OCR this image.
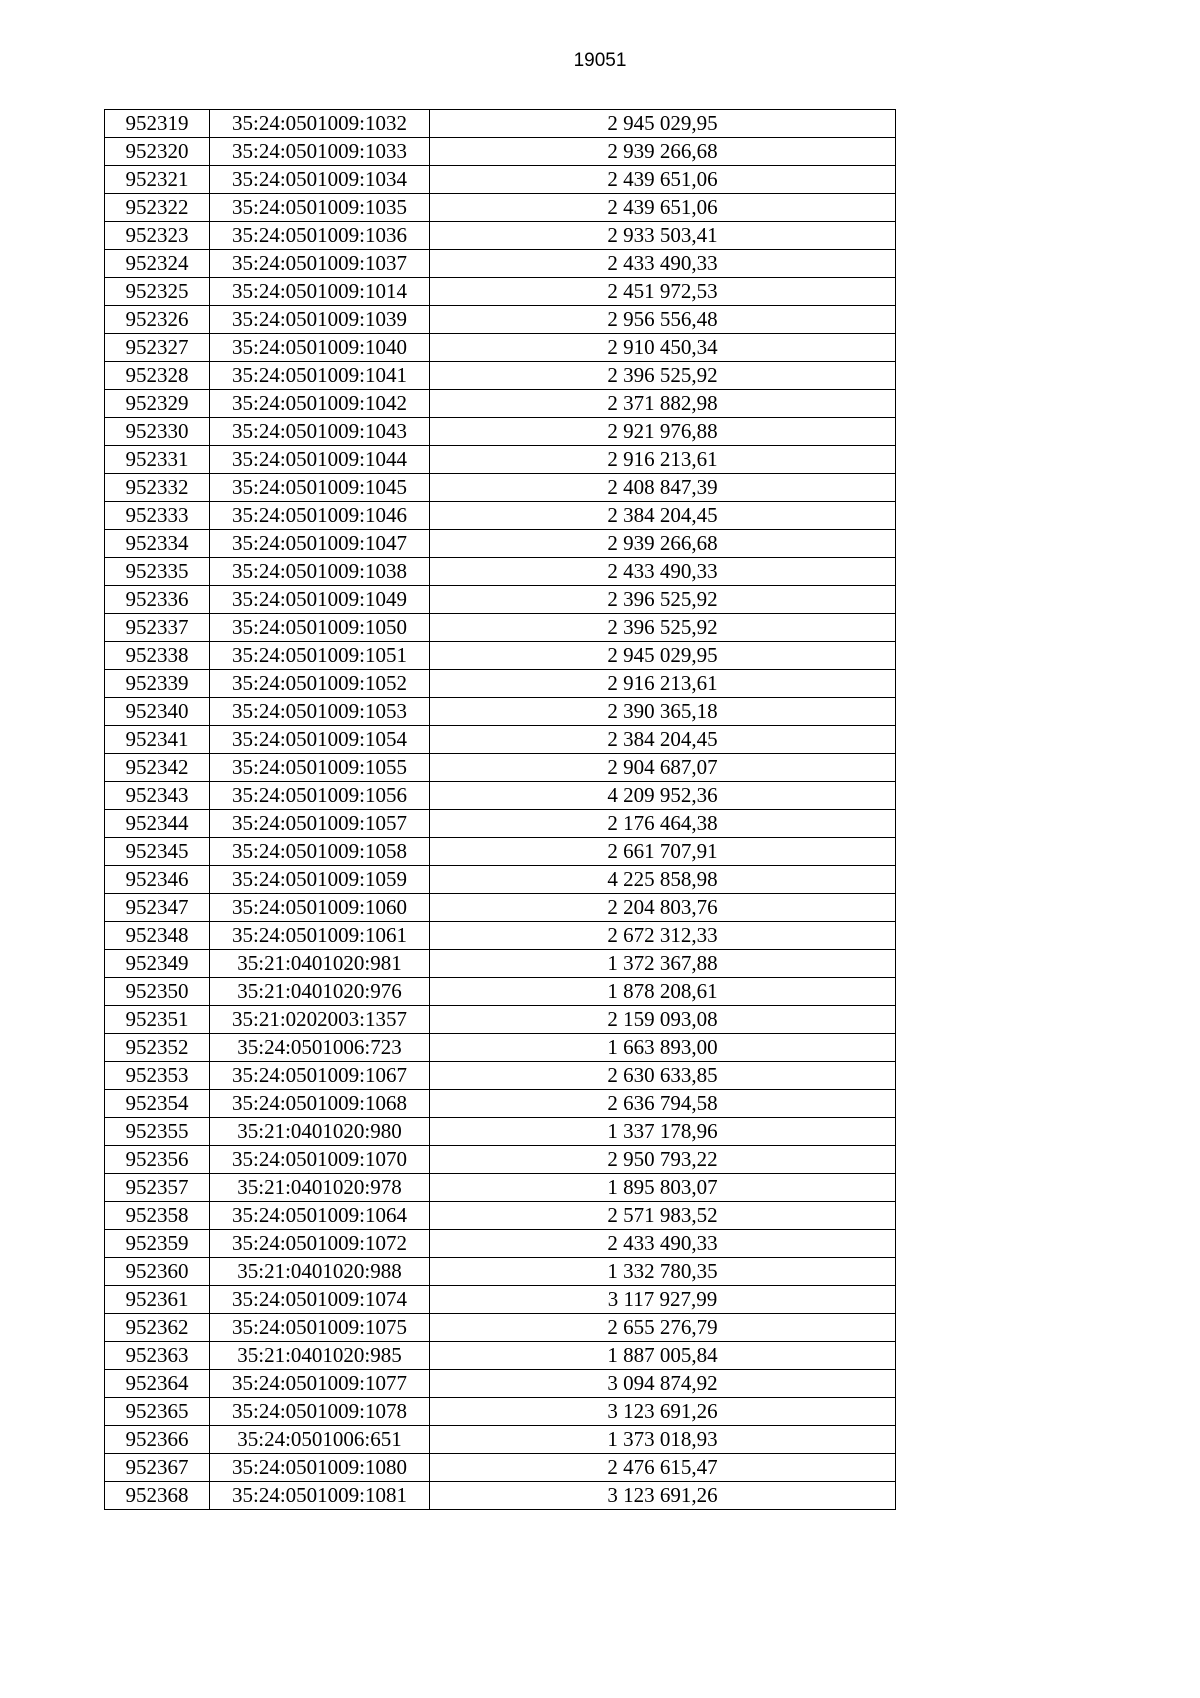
19051
952319	35:24:0501009:1032	2 945 029,95
952320	35:24:0501009:1033	2 939 266,68
952321	35:24:0501009:1034	2 439 651,06
952322	35:24:0501009:1035	2 439 651,06
952323	35:24:0501009:1036	2 933 503,41
952324	35:24:0501009:1037	2 433 490,33
952325	35:24:0501009:1014	2 451 972,53
952326	35:24:0501009:1039	2 956 556,48
952327	35:24:0501009:1040	2 910 450,34
952328	35:24:0501009:1041	2 396 525,92
952329	35:24:0501009:1042	2 371 882,98
952330	35:24:0501009:1043	2 921 976,88
952331	35:24:0501009:1044	2 916 213,61
952332	35:24:0501009:1045	2 408 847,39
952333	35:24:0501009:1046	2 384 204,45
952334	35:24:0501009:1047	2 939 266,68
952335	35:24:0501009:1038	2 433 490,33
952336	35:24:0501009:1049	2 396 525,92
952337	35:24:0501009:1050	2 396 525,92
952338	35:24:0501009:1051	2 945 029,95
952339	35:24:0501009:1052	2 916 213,61
952340	35:24:0501009:1053	2 390 365,18
952341	35:24:0501009:1054	2 384 204,45
952342	35:24:0501009:1055	2 904 687,07
952343	35:24:0501009:1056	4 209 952,36
952344	35:24:0501009:1057	2 176 464,38
952345	35:24:0501009:1058	2 661 707,91
952346	35:24:0501009:1059	4 225 858,98
952347	35:24:0501009:1060	2 204 803,76
952348	35:24:0501009:1061	2 672 312,33
952349	35:21:0401020:981	1 372 367,88
952350	35:21:0401020:976	1 878 208,61
952351	35:21:0202003:1357	2 159 093,08
952352	35:24:0501006:723	1 663 893,00
952353	35:24:0501009:1067	2 630 633,85
952354	35:24:0501009:1068	2 636 794,58
952355	35:21:0401020:980	1 337 178,96
952356	35:24:0501009:1070	2 950 793,22
952357	35:21:0401020:978	1 895 803,07
952358	35:24:0501009:1064	2 571 983,52
952359	35:24:0501009:1072	2 433 490,33
952360	35:21:0401020:988	1 332 780,35
952361	35:24:0501009:1074	3 117 927,99
952362	35:24:0501009:1075	2 655 276,79
952363	35:21:0401020:985	1 887 005,84
952364	35:24:0501009:1077	3 094 874,92
952365	35:24:0501009:1078	3 123 691,26
952366	35:24:0501006:651	1 373 018,93
952367	35:24:0501009:1080	2 476 615,47
952368	35:24:0501009:1081	3 123 691,26
